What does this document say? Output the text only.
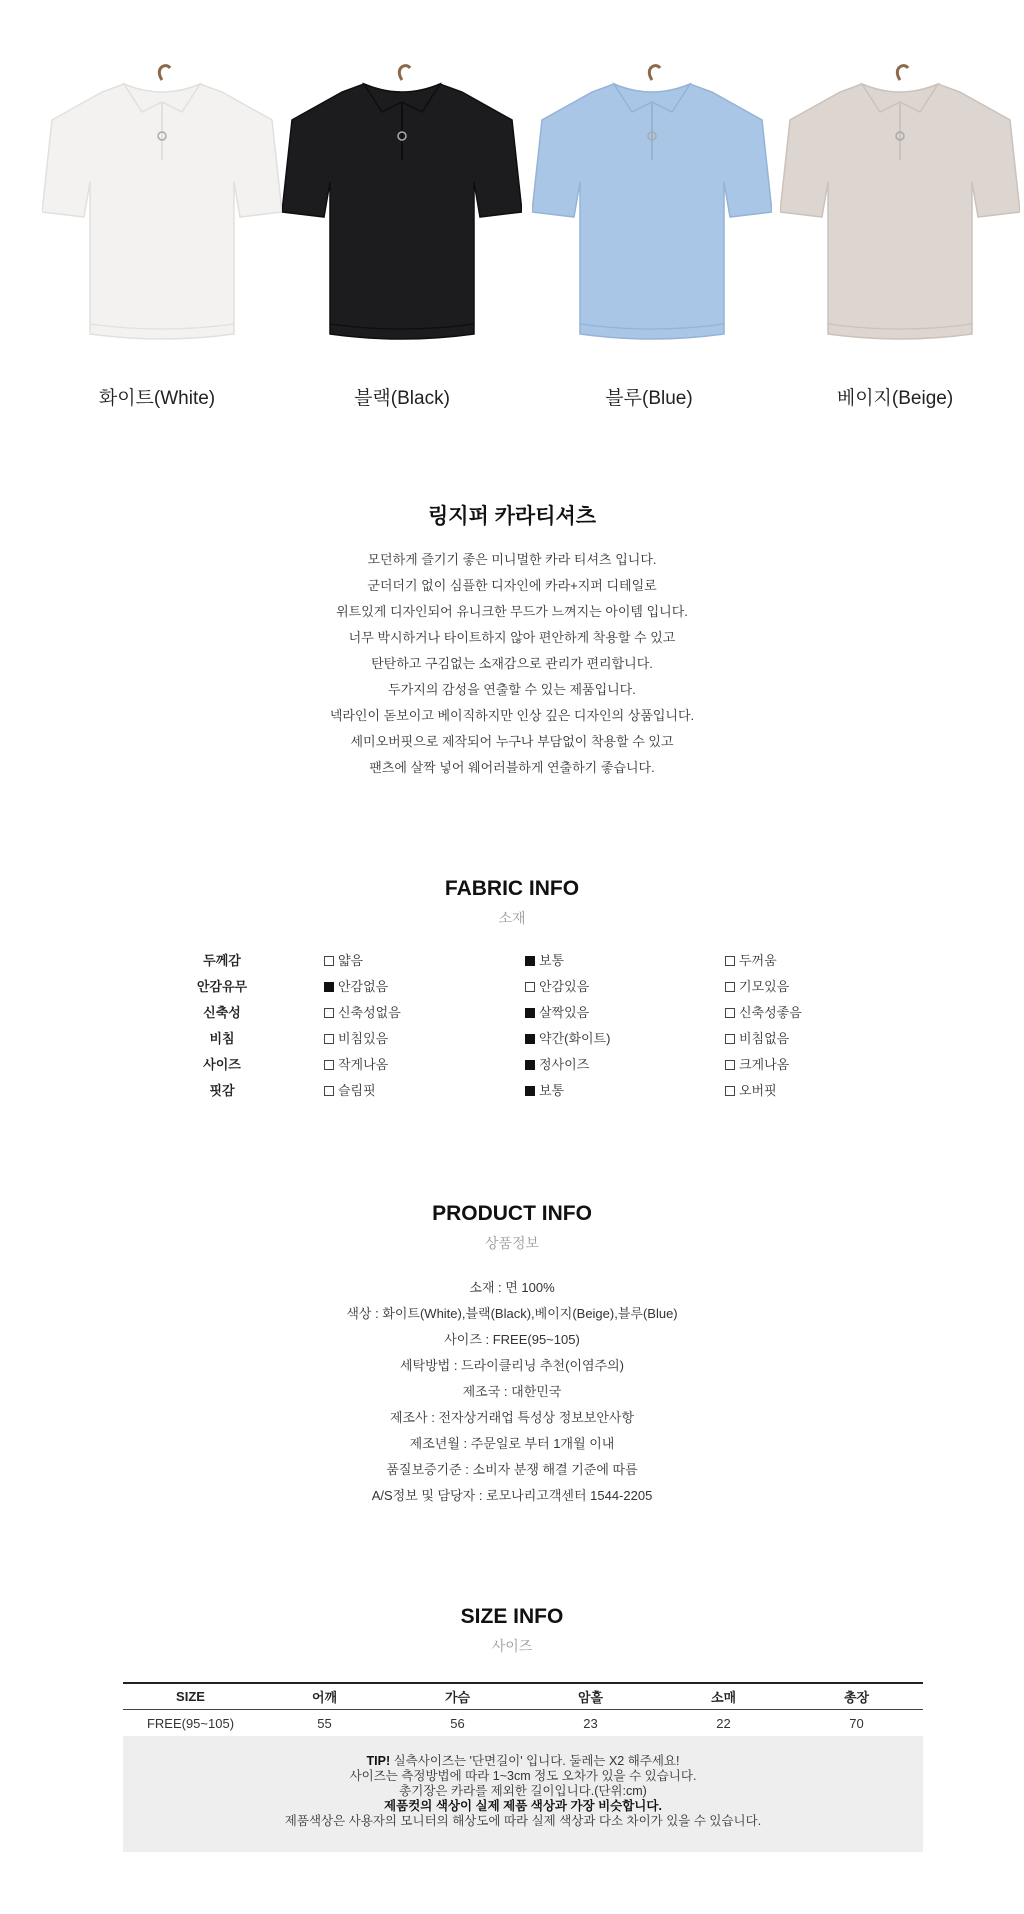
화이트(White)	블랙(Black)	블루(Blue)	베이지(Beige)
링지퍼 카라티셔츠

모던하게 즐기기 좋은 미니멀한 카라 티셔츠 입니다.

군더더기 없이 심플한 디자인에 카라+지퍼 디테일로

위트있게 디자인되어 유니크한 무드가 느껴지는 아이템 입니다.

너무 박시하거나 타이트하지 않아 편안하게 착용할 수 있고

탄탄하고 구김없는 소재감으로 관리가 편리합니다.

두가지의 감성을 연출할 수 있는 제품입니다.

넥라인이 돋보이고 베이직하지만 인상 깊은 디자인의 상품입니다.

세미오버핏으로 제작되어 누구나 부담없이 착용할 수 있고

팬츠에 살짝 넣어 웨어러블하게 연출하기 좋습니다.

FABRIC INFO
소재
두께감	얇음	보통	두꺼움
안감유무	안감없음	안감있음	기모있음
신축성	신축성없음	살짝있음	신축성좋음
비침	비침있음	약간(화이트)	비침없음
사이즈	작게나옴	정사이즈	크게나옴
핏감	슬림핏	보통	오버핏
PRODUCT INFO
상품정보

소재 : 면 100%

색상 : 화이트(White),블랙(Black),베이지(Beige),블루(Blue)

사이즈 : FREE(95~105)

세탁방법 : 드라이클리닝 추천(이염주의)

제조국 : 대한민국

제조사 : 전자상거래업 특성상 정보보안사항

제조년월 : 주문일로 부터 1개월 이내

품질보증기준 : 소비자 분쟁 해결 기준에 따름

A/S정보 및 담당자 : 로모나리고객센터 1544-2205

SIZE INFO
사이즈
SIZE	어깨	가슴	암홀	소매	총장
FREE(95~105)	55	56	23	22	70
TIP! 실측사이즈는 '단면길이' 입니다. 둘레는 X2 해주세요!
사이즈는 측정방법에 따라 1~3cm 정도 오차가 있을 수 있습니다.
총기장은 카라를 제외한 길이입니다.(단위:cm)
제품컷의 색상이 실제 제품 색상과 가장 비슷합니다.
제품색상은 사용자의 모니터의 해상도에 따라 실제 색상과 다소 차이가 있을 수 있습니다.
